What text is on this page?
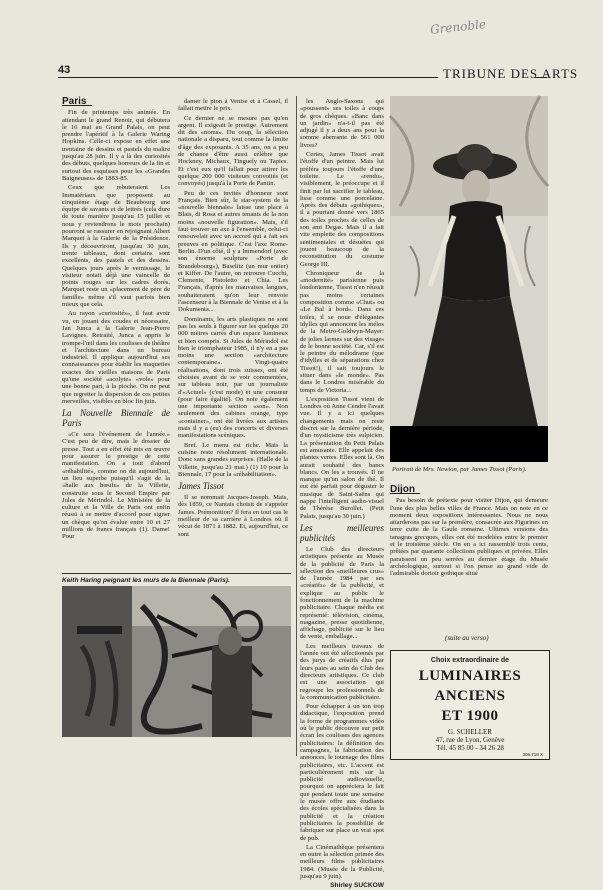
Grenoble
43	TRIBUNE DES ARTS
Paris

Fin de printemps très animée. En attendant le grand Renoir, qui débutera le 16 mai au Grand Palais, on peut prendre l'apéritif à la Galerie Waring Hopkins. Celle-ci expose en effet une trentaine de dessins et pastels du maître jusqu'au 28 juin. Il y a là des curiosités des débuts, quelques horreurs de la fin et surtout des esquisses pour les «Grandes Baigneuses» de 1883-85.

Ceux que rebuteraient Les Immatériaux que proposent au cinquième étage de Beaubourg une équipe de savants et de lettrés (cela dure de toute manière jusqu'au 15 juillet et nous y reviendrons le mois prochain) pourront se rassurer en rejoignant Albert Marquet à la Galerie de la Présidence. Ils y découvriront, jusqu'au 30 juin, trente tableaux, dont certains sont excellents, des pastels et des dessins. Quelques jours après le vernissage, le visiteur notait déjà une vaincelle de points rouges sur les cadres dorés. Marquet reste un «placement de père de famille» même s'il vaut parfois bien mieux que cela.

Au rayon «curiosités», il faut avoir vu, en jouant des coudes et nécessaire, Jan Junca à la Galerie Jean-Pierre Lavignes. Retraité, Junca a appris le trompe-l'œil dans les coulisses de théâtre et l'architecture dans un bureau industriel. Il applique aujourd'hui ses connaissances pour établir les maquettes exactes des vieilles maisons de Paris qu'une société «acolyte» «vole» pour une bonne part, à la pioche. On ne peut que regretter la dispersion de ces petites merveilles, visibles en bloc fin juin.

La Nouvelle Biennale de Paris

«Ce sera l'événement de l'année.» C'est peu de dire, mais le dossier de presse. Tout a en effet été mis en œuvre pour assurer le prestige de cette manifestation. On a tout d'abord «réhabilité», comme on dit aujourd'hui, un lieu superbe puisqu'il s'agit de la «halle aux bœufs» de la Villette, construite sous le Second Empire par Jules de Mérindol. Le Ministère de la culture et la Ville de Paris ont enfin réussi à se mettre d'accord pour signer un chèque qu'on évalue entre 10 et 27 millions de francs français (1). Dame! Pour

damer le pion à Venise et à Cassel, il fallait mettre le prix.

Ce dernier ne se mesure pas qu'en argent. Il exigeait le prestige. Autrement dit des «noms». Du coup, la sélection nationale a disparu, tout comme la limite d'âge des exposants. A 35 ans, on a peu de chance d'être aussi célèbre que Hockney, Michaux, Tinguely ou Tapies. Et c'est eux qu'il fallait pour attirer les quelque 200 000 visiteurs convoités (et convoyés) jusqu'à la Porte de Pantin.

Peu de ces invités d'honneur sont Français. Bien sûr, le star-system de la «nouvelle biennale» laisse une place à Blais, di Rosa et autres tenants de la non moins «nouvelle figuration». Mais, s'il faut trouver un axe à l'ensemble, celui-ci renouvelait avec un accord qui a fait ses preuves en politique. C'est l'axe Rome-Berlin. D'un côté, il y a Immendorf (avec son énorme sculpture «Porte de Brandebourg»), Baselitz (un mur entier) et Kiffer. De l'autre, on retrouve Cucchi, Clemente, Pistoletto et Chia. Les Français, d'après les mauvaises langues, souhaiteraient qu'on leur renvoie l'ascenseur à la Biennale de Venise et à la Dokumenta...

Dominants, les arts plastiques ne sont pas les seuls à figurer sur les quelque 20 000 mètres carrés d'un espace lumineux et bien compris. Si Jules de Mérindol est bien le triomphateur 1985, il n'y en a pas moins une section «architecture contemporaine». Vingt-quatre réalisations, dont trois suisses, ont été choisies avant de se voir commentées, sur tableau noir, par un journaliste d'«Actuel» (c'est mode) et une consœur (pour faire égalité). On note également une importante section «son». Non seulement des cabines orange, type «container», ont été livrées aux artistes mais il y a (eu) des concerts et diverses manifestations scéniques.

Bref. Le menu est riche. Mais la cuisine reste résolument internationale. Donc sans grandes surprises. (Halle de la Villette, jusqu'au 21 mai.) (1) 10 pour la Biennale, 17 pour la «réhabilitation».

James Tissot

Il se nommait Jacques-Joseph. Mais, dès 1859, ce Nantais choisit de s'appeler James. Prémonition? Il fera en tout cas le meilleur de sa carrière à Londres où il vécut de 1871 à 1882. Et, aujourd'hui, ce sont

Keith Haring peignant les murs de la Biennale (Paris).

les Anglo-Saxons qui «poussent» ses toiles à coups de gros chèques. «Banc dans un jardin» n'a-t-il pas été adjugé il y a deux ans pour la somme aberrante de 561 000 livres?

Certes, James Tissot avait l'étoffe d'un peintre. Mais lui préféra toujours l'étoffe d'une toilette. Le «rendu», visiblement, le préoccupe et il finit par lui sacrifier le tableau, lisse comme une porcelaine. Après des débuts «gothiques», il a pourtant donné vers 1865 des toiles proches de celles de son ami Degas. Mais il a fait vite emplette des compositions sentimentales et désuètes qui jouent beaucoup de la reconstitution du costume George III.

Chroniqueur de la «modernité» parisienne puis londonienne, Tissot n'en réussit pas moins certaines composition comme «Chut» ou «Le Bal à bord». Dans ces toiles, il se noue d'élégantes idylles qui annoncent les mélos de la Metro-Goldwyn-Mayer: de jolies larmes sur des visages de le bonne société. Car, s'il est le peintre du mélodrame (que d'idylles et de séparations chez Tissot!), il sait toujours le situer dans «le monde». Pas dans le Londres misérable du temps de Victoria...

L'exposition Tissot vient de Londres où Anne Cendre l'avait vue. Il y a ici quelques changements mais on reste discret sur la dernière période, d'un mysticisme très sulpicien. La présentation du Petit Palais est amusante. Elle appelait des plantes vertes. Elles sont là. On aurait souhaité des bancs blancs. On les a trouvés. Il ne manque qu'un salon de thé. Il eut été parfait pour déguster le musique de Saint-Saëns qui nappe l'intelligent audio-visuel de Thérèse Burollet. (Petit Palais, jusqu'au 30 juin.)

Les meilleures publicités

Le Club des directeurs artistiques présente au Musée de la publicité de Paris la sélection des «meilleures crus» de l'année 1984 par ses «créatifs» de la publicité, et explique au public le fonctionnement de la machine publicitaire. Chaque média est représenté: télévision, cinéma, magazine, presse quotidienne, affichage, publicité sur le lieu de vente, emballage...

Les meilleurs travaux de l'année ont été sélectionnés par des jurys de créatifs élus par leurs pairs au sein du Club des directeurs artistiques. Ce club est une association qui regroupe les professionnels de la communication publicitaire.

Pour échapper à un ton trop didactique, l'exposition prend la forme de programmes vidéo où le public découvre sur petit écran les coulisses des agences publicitaires: la définition des campagnes, la fabrication des annonces, le tournage des films publicitaires, etc. L'accent est particulièrement mis sur la publicité audiovisuelle, pourquoi on appréciera le fait que pendant toute une semaine le musée offre aux étudiants des écoles spécialisées dans la publicité et la création publicitaires la possibilité de fabriquer sur place un vrai spot de pub.

La Cinémathèque présentera en outre la sélection primée des meilleurs films publicitaires 1984. (Musée de la Publicité, jusqu'au 9 juin).

Shirley SUCKOW
Portrait de Mrs. Newton, par James Tissot (Paris).
Dijon

Pas besoin de prétexte pour visiter Dijon, qui demeure l'une des plus belles villes de France. Mais on note en ce moment deux expositions intéressantes. Nous ne nous attarderons pas sur la première, consacrée aux Figurines en terre cuite de la Gaule romaine. Ultimes versions des tanagras grecques, elles ont été modelées entre le premier et le troisième siècle. On en a ici rassemblé trois cents, prêtées par quarante collections publiques et privées. Elles paraissent un peu serrées au dernier étage du Musée archéologique, surtout si l'on pense au grand vide de l'admirable dortoir gothique situé

(suite au verso)
Choix extraordinaire de
LUMINAIRES
ANCIENS
ET 1900
G. SCHELLER
47, rue de Lyon, Genève
Tél. 45 85 00 - 34 26 28
306.718 X
